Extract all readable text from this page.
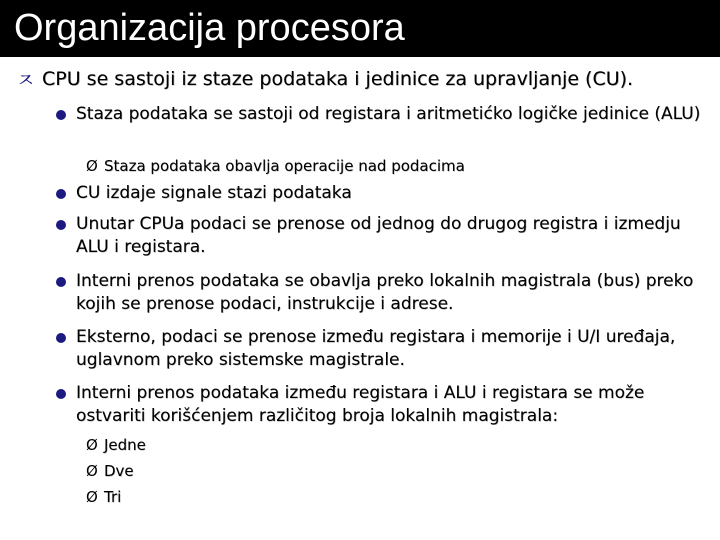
Organizacija procesora
ㅈ CPU se sastoji iz staze podataka i jedinice za upravljanje (CU).
Staza podataka se sastoji od registara i aritmetićko logičke jedinice (ALU)
Ø Staza podataka obavlja operacije nad podacima
CU izdaje signale stazi podataka
Unutar CPUa podaci se prenose od jednog do drugog registra i izmedju ALU i registara.
Interni prenos podataka se obavlja preko lokalnih magistrala (bus) preko kojih se prenose podaci, instrukcije i adrese.
Eksterno, podaci se prenose između registara i memorije i U/I uređaja, uglavnom preko sistemske magistrale.
Interni prenos podataka između registara i ALU i registara se može ostvariti korišćenjem različitog broja lokalnih magistrala:
Ø Jedne
Ø Dve
Ø Tri
